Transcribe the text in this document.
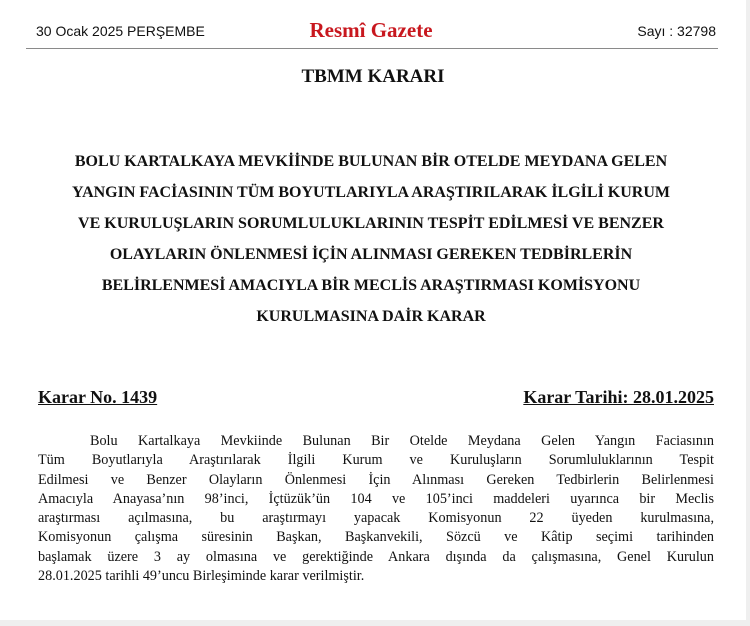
30 Ocak 2025 PERŞEMBE	Resmî Gazete	Sayı : 32798
TBMM KARARI
BOLU KARTALKAYA MEVKİİNDE BULUNAN BİR OTELDE MEYDANA GELEN
YANGIN FACİASININ TÜM BOYUTLARIYLA ARAŞTIRILARAK İLGİLİ KURUM
VE KURULUŞLARIN SORUMLULUKLARININ TESPİT EDİLMESİ VE BENZER
OLAYLARIN ÖNLENMESİ İÇİN ALINMASI GEREKEN TEDBİRLERİN
BELİRLENMESİ AMACIYLA BİR MECLİS ARAŞTIRMASI KOMİSYONU
KURULMASINA DAİR KARAR
Karar No. 1439	Karar Tarihi: 28.01.2025
Bolu Kartalkaya Mevkiinde Bulunan Bir Otelde Meydana Gelen Yangın Faciasının
Tüm Boyutlarıyla Araştırılarak İlgili Kurum ve Kuruluşların Sorumluluklarının Tespit
Edilmesi ve Benzer Olayların Önlenmesi İçin Alınması Gereken Tedbirlerin Belirlenmesi
Amacıyla Anayasa’nın 98’inci, İçtüzük’ün 104 ve 105’inci maddeleri uyarınca bir Meclis
araştırması açılmasına, bu araştırmayı yapacak Komisyonun 22 üyeden kurulmasına,
Komisyonun çalışma süresinin Başkan, Başkanvekili, Sözcü ve Kâtip seçimi tarihinden
başlamak üzere 3 ay olmasına ve gerektiğinde Ankara dışında da çalışmasına, Genel Kurulun
28.01.2025 tarihli 49’uncu Birleşiminde karar verilmiştir.
